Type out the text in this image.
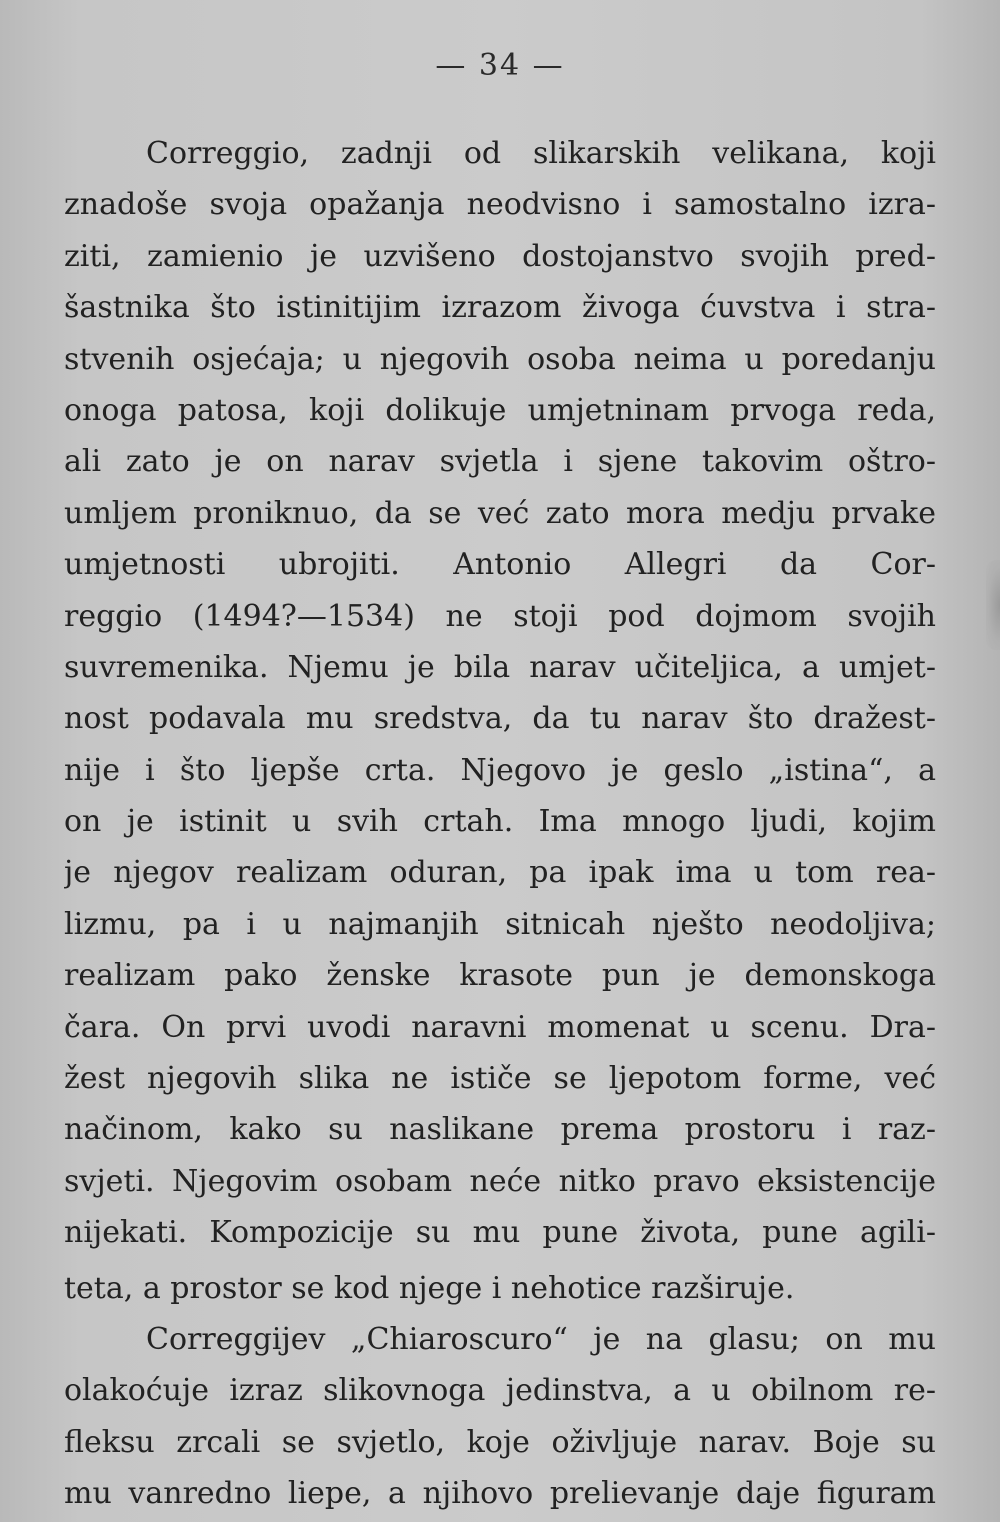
— 34 —
Correggio, zadnji od slikarskih velikana, koji
znadoše svoja opažanja neodvisno i samostalno izra-
ziti, zamienio je uzvišeno dostojanstvo svojih pred-
šastnika što istinitijim izrazom živoga ćuvstva i stra-
stvenih osjećaja; u njegovih osoba neima u poredanju
onoga patosa, koji dolikuje umjetninam prvoga reda,
ali zato je on narav svjetla i sjene takovim oštro-
umljem proniknuo, da se već zato mora medju prvake
umjetnosti ubrojiti. Antonio Allegri da Cor-
reggio (1494?—1534) ne stoji pod dojmom svojih
suvremenika. Njemu je bila narav učiteljica, a umjet-
nost podavala mu sredstva, da tu narav što dražest-
nije i što ljepše crta. Njegovo je geslo „istina“, a
on je istinit u svih crtah. Ima mnogo ljudi, kojim
je njegov realizam oduran, pa ipak ima u tom rea-
lizmu, pa i u najmanjih sitnicah nješto neodoljiva;
realizam pako ženske krasote pun je demonskoga
čara. On prvi uvodi naravni momenat u scenu. Dra-
žest njegovih slika ne ističe se ljepotom forme, već
načinom, kako su naslikane prema prostoru i raz-
svjeti. Njegovim osobam neće nitko pravo eksistencije
nijekati. Kompozicije su mu pune života, pune agili-
teta, a prostor se kod njege i nehotice razširuje.
Correggijev „Chiaroscuro“ je na glasu; on mu
olakoćuje izraz slikovnoga jedinstva, a u obilnom re-
fleksu zrcali se svjetlo, koje oživljuje narav. Boje su
mu vanredno liepe, a njihovo prelievanje daje figuram
